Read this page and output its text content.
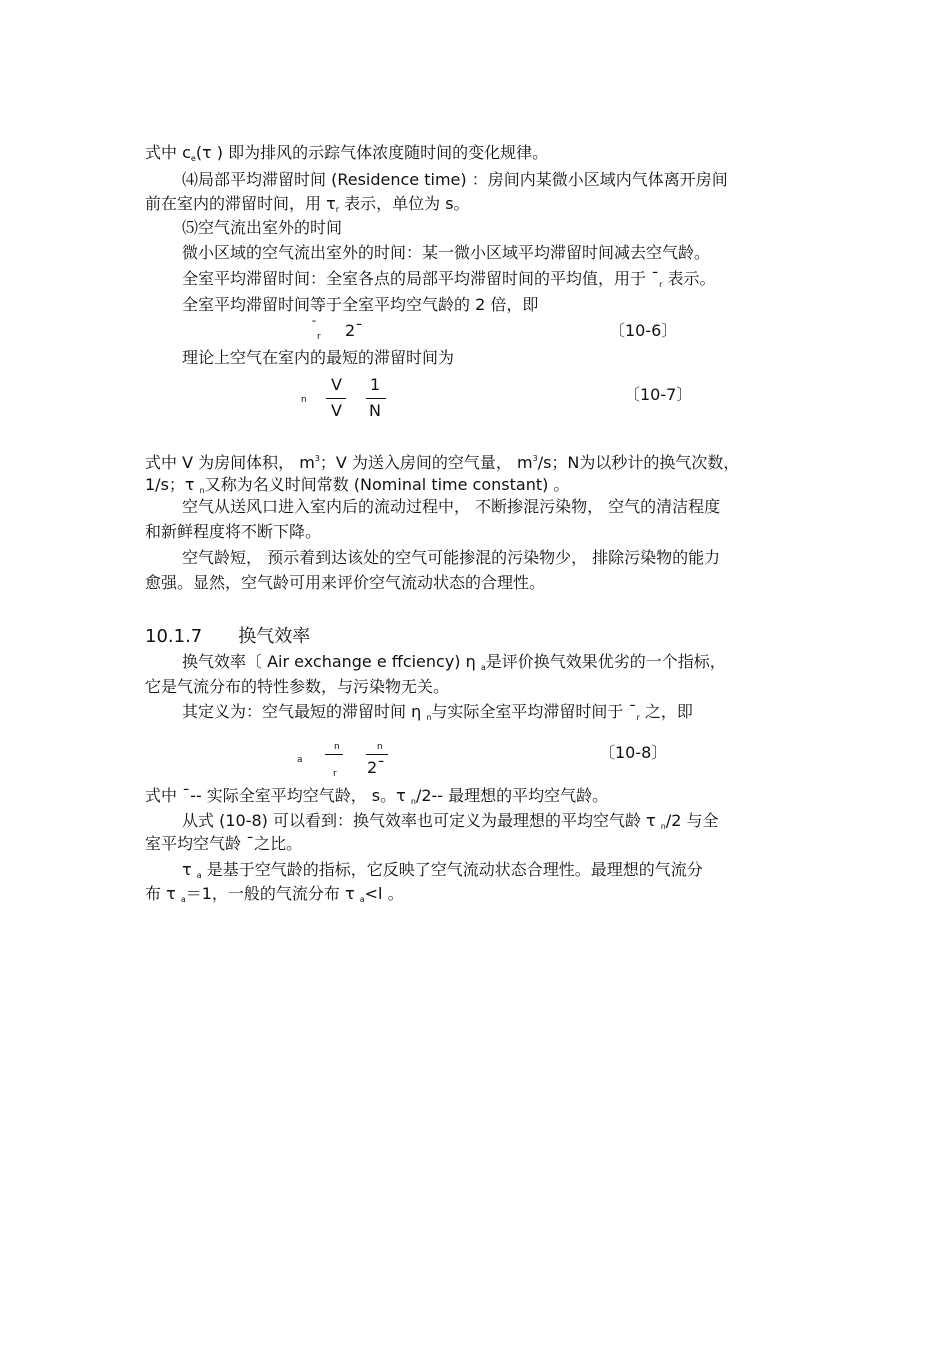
式中 ce(τ ) 即为排风的示踪气体浓度随时间的变化规律。
⑷局部平均滞留时间 (Residence time) ：房间内某微小区域内气体离开房间
前在室内的滞留时间，用 τr 表示，单位为 s。
⑸空气流出室外的时间
微小区域的空气流出室外的时间：某一微小区域平均滞留时间减去空气龄。
全室平均滞留时间：全室各点的局部平均滞留时间的平均值，用于 ¯r 表示。
全室平均滞留时间等于全室平均空气龄的 2 倍，即
¯
r 2¯	〔10-6〕
理论上空气在室内的最短的滞留时间为
n
V
V
1
N
〔10-7〕
式中 V 为房间体积， $m^3$；V 为送入房间的空气量， $m^3/s$；N为以秒计的换气次数，
1/s；τ n又称为名义时间常数 (Nominal time constant) 。
空气从送风口进入室内后的流动过程中， 不断掺混污染物， 空气的清洁程度
和新鲜程度将不断下降。
空气龄短， 预示着到达该处的空气可能掺混的污染物少， 排除污染物的能力
愈强。显然，空气龄可用来评价空气流动状态的合理性。
10.1.7 换气效率
换气效率〔 Air exchange e ffciency) η a是评价换气效果优劣的一个指标，
它是气流分布的特性参数，与污染物无关。
其定义为：空气最短的滞留时间 η n与实际全室平均滞留时间于 ¯r 之，即
a
n
r
n
2¯
〔10-8〕
式中 ¯-- 实际全室平均空气龄， s。τ n/2-- 最理想的平均空气龄。
从式 (10-8) 可以看到：换气效率也可定义为最理想的平均空气龄 τ n/2 与全
室平均空气龄 ¯之比。
τ a 是基于空气龄的指标，它反映了空气流动状态合理性。最理想的气流分
布 τ a＝1，一般的气流分布 τ a<l 。
